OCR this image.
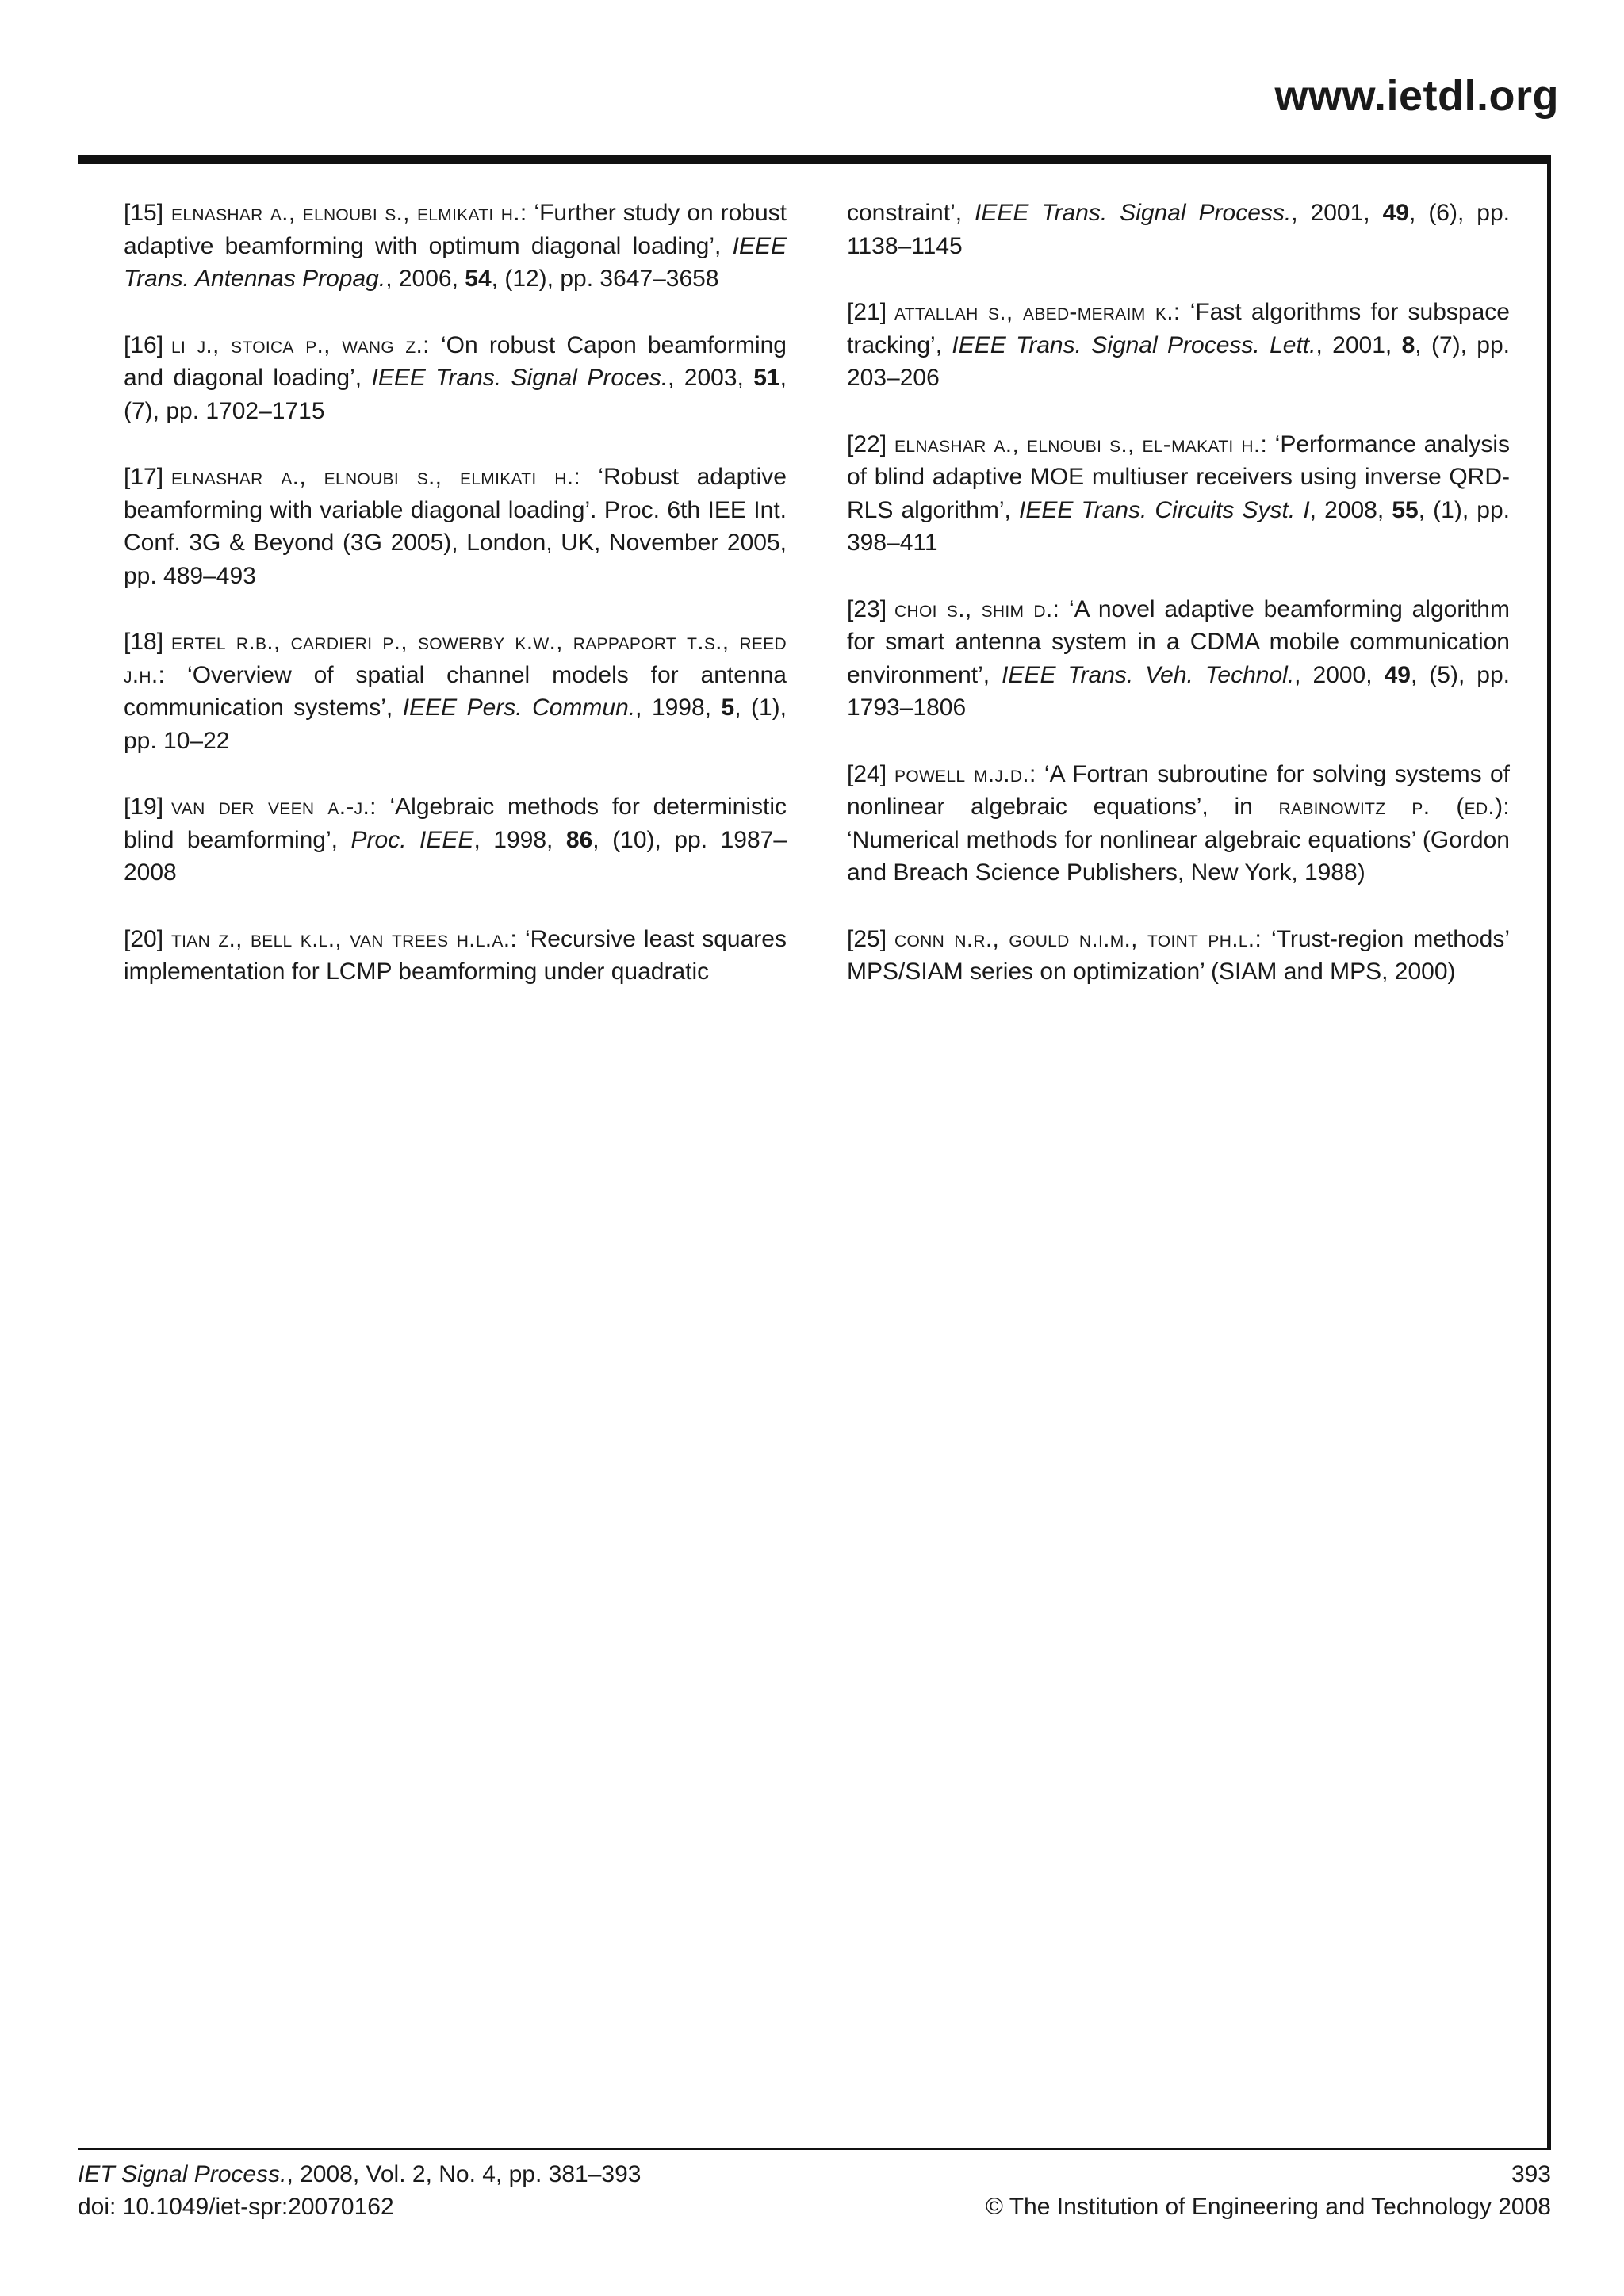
www.ietdl.org
[15] elnashar a., elnoubi s., elmikati h.: ‘Further study on robust adaptive beamforming with optimum diagonal loading’, IEEE Trans. Antennas Propag., 2006, 54, (12), pp. 3647–3658
[16] li j., stoica p., wang z.: ‘On robust Capon beamforming and diagonal loading’, IEEE Trans. Signal Proces., 2003, 51, (7), pp. 1702–1715
[17] elnashar a., elnoubi s., elmikati h.: ‘Robust adaptive beamforming with variable diagonal loading’. Proc. 6th IEE Int. Conf. 3G & Beyond (3G 2005), London, UK, November 2005, pp. 489–493
[18] ertel r.b., cardieri p., sowerby k.w., rappaport t.s., reed j.h.: ‘Overview of spatial channel models for antenna communication systems’, IEEE Pers. Commun., 1998, 5, (1), pp. 10–22
[19] van der veen a.-j.: ‘Algebraic methods for deterministic blind beamforming’, Proc. IEEE, 1998, 86, (10), pp. 1987–2008
[20] tian z., bell k.l., van trees h.l.a.: ‘Recursive least squares implementation for LCMP beamforming under quadratic
constraint’, IEEE Trans. Signal Process., 2001, 49, (6), pp. 1138–1145
[21] attallah s., abed-meraim k.: ‘Fast algorithms for subspace tracking’, IEEE Trans. Signal Process. Lett., 2001, 8, (7), pp. 203–206
[22] elnashar a., elnoubi s., el-makati h.: ‘Performance analysis of blind adaptive MOE multiuser receivers using inverse QRD-RLS algorithm’, IEEE Trans. Circuits Syst. I, 2008, 55, (1), pp. 398–411
[23] choi s., shim d.: ‘A novel adaptive beamforming algorithm for smart antenna system in a CDMA mobile communication environment’, IEEE Trans. Veh. Technol., 2000, 49, (5), pp. 1793–1806
[24] powell m.j.d.: ‘A Fortran subroutine for solving systems of nonlinear algebraic equations’, in rabinowitz p. (ed.): ‘Numerical methods for nonlinear algebraic equations’ (Gordon and Breach Science Publishers, New York, 1988)
[25] conn n.r., gould n.i.m., toint ph.l.: ‘Trust-region methods’ MPS/SIAM series on optimization’ (SIAM and MPS, 2000)
IET Signal Process., 2008, Vol. 2, No. 4, pp. 381–393
doi: 10.1049/iet-spr:20070162
393
© The Institution of Engineering and Technology 2008
